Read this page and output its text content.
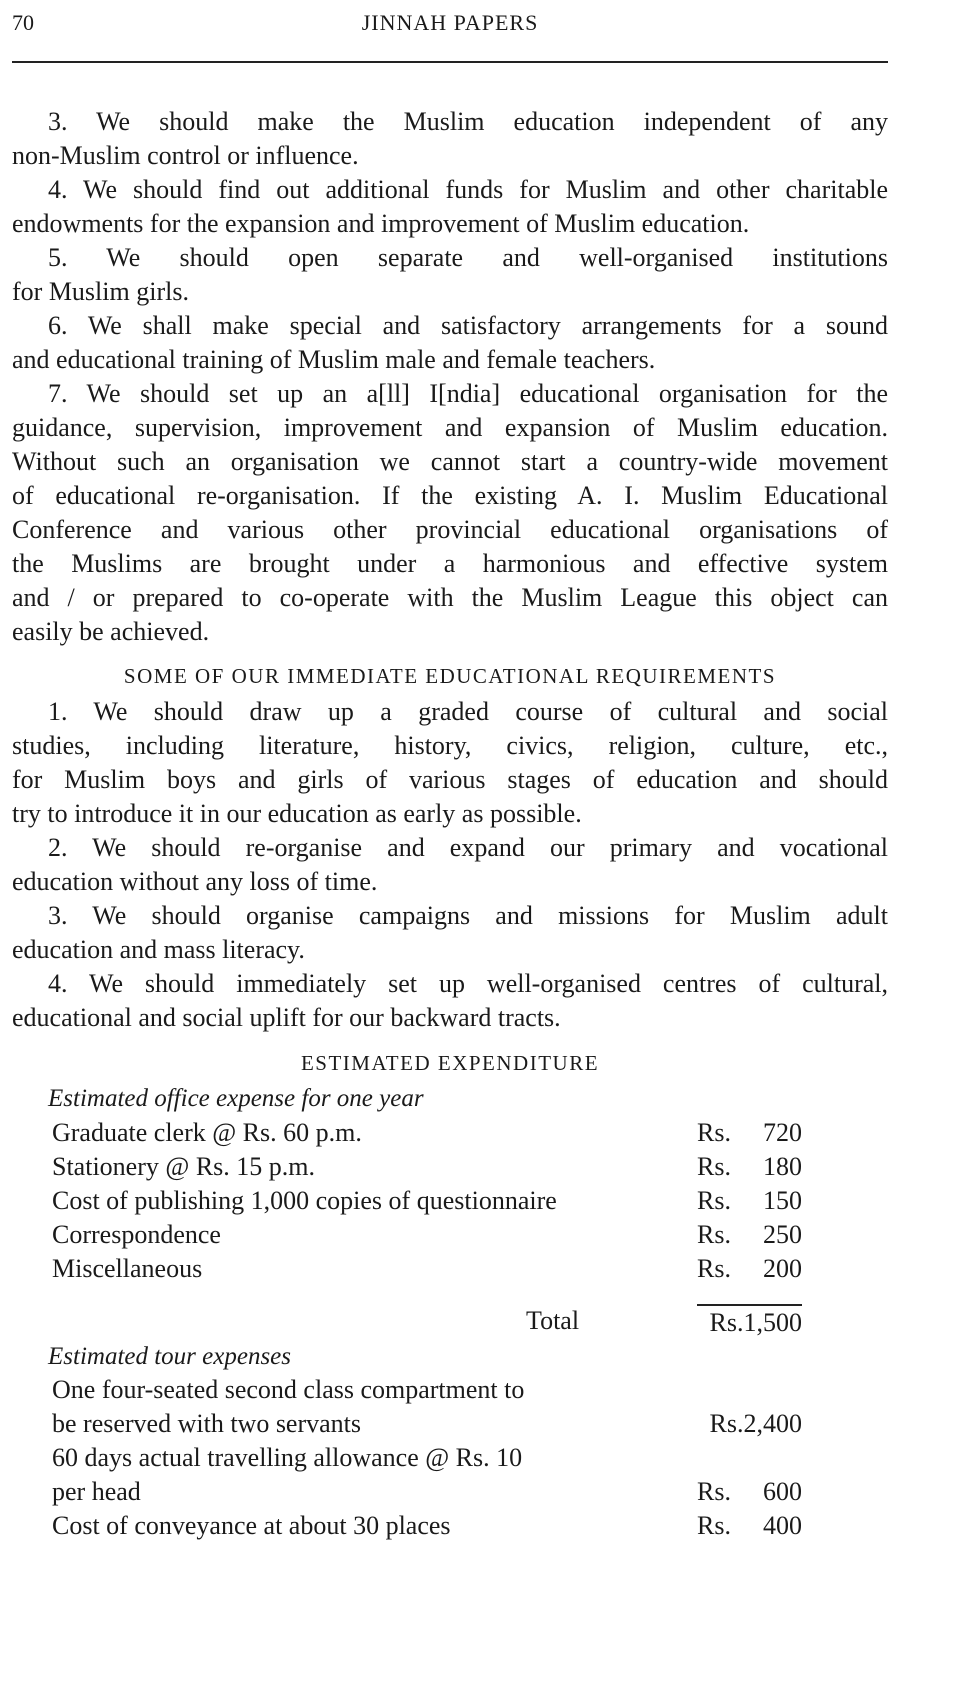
70	JINNAH PAPERS
3. We should make the Muslim education independent of any
non-Muslim control or influence.
4. We should find out additional funds for Muslim and other charitable
endowments for the expansion and improvement of Muslim education.
5. We should open separate and well-organised institutions
for Muslim girls.
6. We shall make special and satisfactory arrangements for a sound
and educational training of Muslim male and female teachers.
7. We should set up an a[ll] I[ndia] educational organisation for the
guidance, supervision, improvement and expansion of Muslim education.
Without such an organisation we cannot start a country-wide movement
of educational re-organisation. If the existing A. I. Muslim Educational
Conference and various other provincial educational organisations of
the Muslims are brought under a harmonious and effective system
and / or prepared to co-operate with the Muslim League this object can
easily be achieved.
SOME OF OUR IMMEDIATE EDUCATIONAL REQUIREMENTS
1. We should draw up a graded course of cultural and social
studies, including literature, history, civics, religion, culture, etc.,
for Muslim boys and girls of various stages of education and should
try to introduce it in our education as early as possible.
2. We should re-organise and expand our primary and vocational
education without any loss of time.
3. We should organise campaigns and missions for Muslim adult
education and mass literacy.
4. We should immediately set up well-organised centres of cultural,
educational and social uplift for our backward tracts.
ESTIMATED EXPENDITURE
Estimated office expense for one year
Graduate clerk @ Rs. 60 p.m.	Rs. 720
Stationery @ Rs. 15 p.m.	Rs. 180
Cost of publishing 1,000 copies of questionnaire	Rs. 150
Correspondence	Rs. 250
Miscellaneous	Rs. 200
Total	Rs.1,500
Estimated tour expenses
One four-seated second class compartment to
be reserved with two servants	Rs.2,400
60 days actual travelling allowance @ Rs. 10
per head	Rs. 600
Cost of conveyance at about 30 places	Rs. 400
